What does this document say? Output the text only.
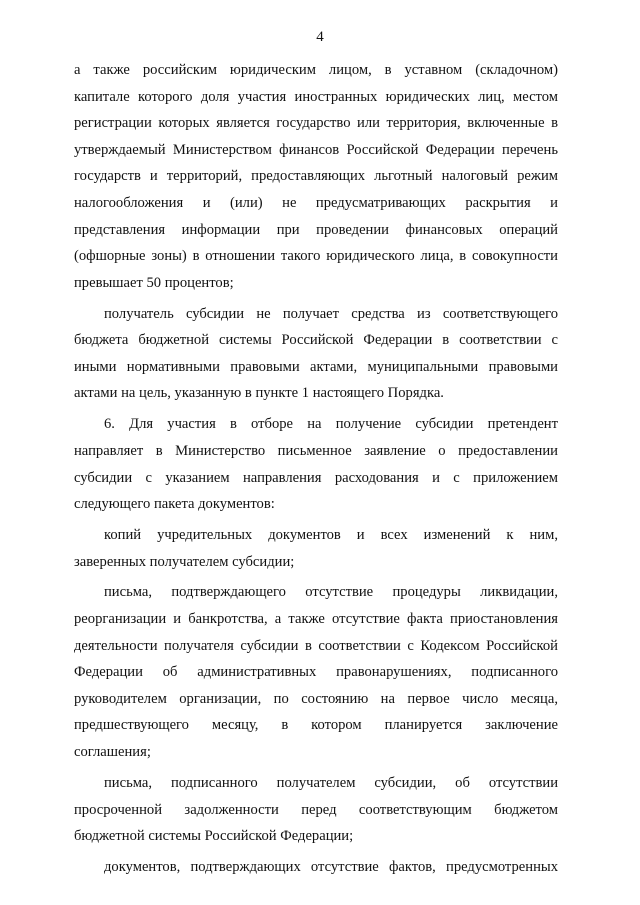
4
а также российским юридическим лицом, в уставном (складочном)
капитале которого доля участия иностранных юридических лиц, местом
регистрации которых является государство или территория, включенные в
утверждаемый Министерством финансов Российской Федерации перечень
государств и территорий, предоставляющих льготный налоговый режим
налогообложения и (или) не предусматривающих раскрытия и
представления информации при проведении финансовых операций
(офшорные зоны) в отношении такого юридического лица, в совокупности
превышает 50 процентов;
получатель субсидии не получает средства из соответствующего
бюджета бюджетной системы Российской Федерации в соответствии с
иными нормативными правовыми актами, муниципальными правовыми
актами на цель, указанную в пункте 1 настоящего Порядка.
6. Для участия в отборе на получение субсидии претендент
направляет в Министерство письменное заявление о предоставлении
субсидии с указанием направления расходования и с приложением
следующего пакета документов:
копий учредительных документов и всех изменений к ним,
заверенных получателем субсидии;
письма, подтверждающего отсутствие процедуры ликвидации,
реорганизации и банкротства, а также отсутствие факта приостановления
деятельности получателя субсидии в соответствии с Кодексом Российской
Федерации об административных правонарушениях, подписанного
руководителем организации, по состоянию на первое число месяца,
предшествующего месяцу, в котором планируется заключение
соглашения;
письма, подписанного получателем субсидии, об отсутствии
просроченной задолженности перед соответствующим бюджетом
бюджетной системы Российской Федерации;
документов, подтверждающих отсутствие фактов, предусмотренных
